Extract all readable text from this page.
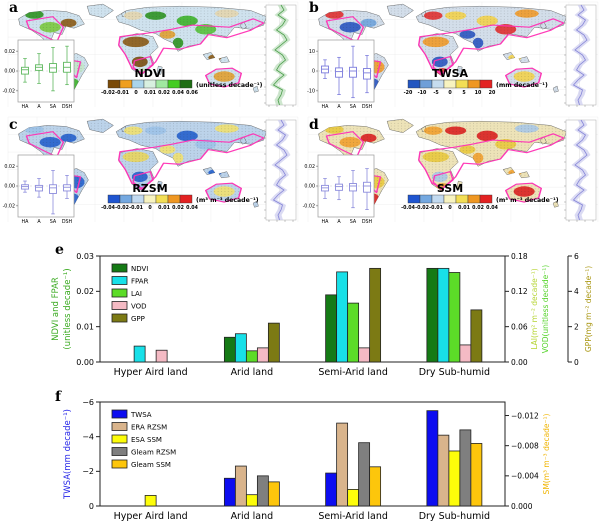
NDVI
-0.02 -0.01 0 0.01 0.02 0.04 0.06
(unitless decade⁻¹)
0.02
0.00
-0.02
HA A SA DSH
a
TWSA
-20 -10 -5 0 5 10 20
(mm decade⁻¹)
10
0
-10
HA A SA DSH
b
RZSM
-0.04 -0.02 -0.01 0 0.01 0.02 0.04
(m³ m⁻³ decade⁻¹)
0.02
0.00
-0.02
HA A SA DSH
c
SSM
-0.04 -0.02 -0.01 0 0.01 0.02 0.04
(m³ m⁻³ decade⁻¹)
0.02
0.00
-0.02
HA A SA DSH
d
0.00
0.01
0.02
0.03
NDVI
FPAR
LAI
VOD
GPP
Hyper Aird land	Arid land	Semi-Arid land	Dry Sub-humid
NDVI and FPAR (unitless decade⁻¹)
0.00
0.06
0.12
0.18
LAI(m² m⁻² decade⁻¹) VOD(unitless decade⁻¹)
0
2
4
6
GPP(mg m⁻² decade⁻¹)
e
0
−2
−4
−6
TWSA
ERA RZSM
ESA SSM
Gleam RZSM
Gleam SSM
Hyper Aird land	Arid land	Semi-Arid land	Dry Sub-humid
TWSA(mm decade⁻¹)
0.000
−0.004
−0.008
−0.012 SM(m³ m⁻³ decade⁻¹)
f
